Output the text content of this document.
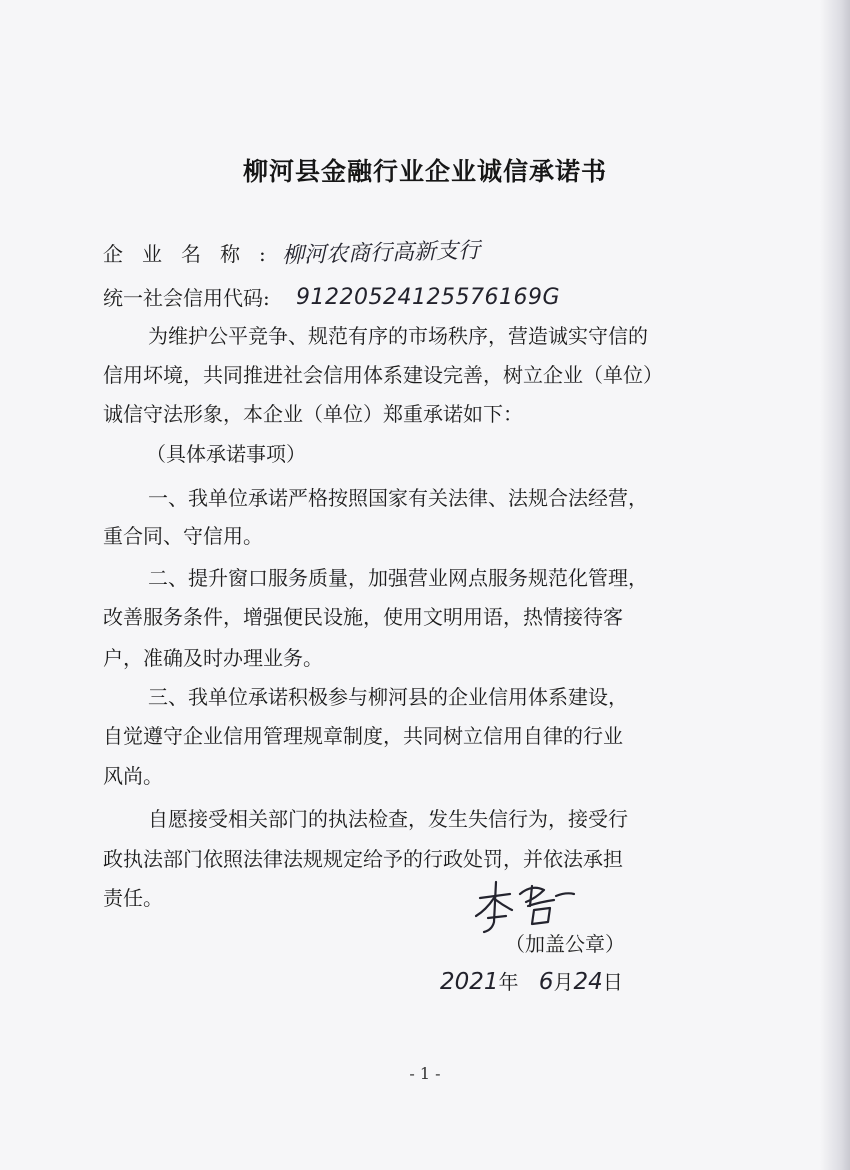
柳河县金融行业企业诚信承诺书
企业名称:
柳河农商行高新支行
统一社会信用代码: 91220524125576169G
为维护公平竞争、规范有序的市场秩序，营造诚实守信的
信用坏境，共同推进社会信用体系建设完善，树立企业（单位）
诚信守法形象，本企业（单位）郑重承诺如下：
（具体承诺事项）
一、我单位承诺严格按照国家有关法律、法规合法经营，
重合同、守信用。
二、提升窗口服务质量，加强营业网点服务规范化管理，
改善服务条件，增强便民设施，使用文明用语，热情接待客
户，准确及时办理业务。
三、我单位承诺积极参与柳河县的企业信用体系建设，
自觉遵守企业信用管理规章制度，共同树立信用自律的行业
风尚。
自愿接受相关部门的执法检查，发生失信行为，接受行
政执法部门依照法律法规规定给予的行政处罚，并依法承担
责任。
（加盖公章）
2021年 6月24日
- 1 -
